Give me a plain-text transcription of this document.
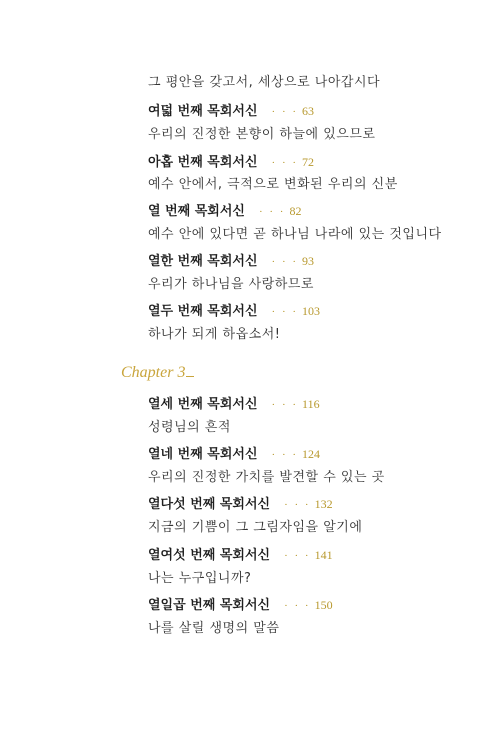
그 평안을 갖고서, 세상으로 나아갑시다
여덟 번째 목회서신 · · · 63
우리의 진정한 본향이 하늘에 있으므로
아홉 번째 목회서신 · · · 72
예수 안에서, 극적으로 변화된 우리의 신분
열 번째 목회서신 · · · 82
예수 안에 있다면 곧 하나님 나라에 있는 것입니다
열한 번째 목회서신 · · · 93
우리가 하나님을 사랑하므로
열두 번째 목회서신 · · · 103
하나가 되게 하옵소서!
Chapter 3
열세 번째 목회서신 · · · 116
성령님의 흔적
열네 번째 목회서신 · · · 124
우리의 진정한 가치를 발견할 수 있는 곳
열다섯 번째 목회서신 · · · 132
지금의 기쁨이 그 그림자임을 알기에
열여섯 번째 목회서신 · · · 141
나는 누구입니까?
열일곱 번째 목회서신 · · · 150
나를 살릴 생명의 말씀
